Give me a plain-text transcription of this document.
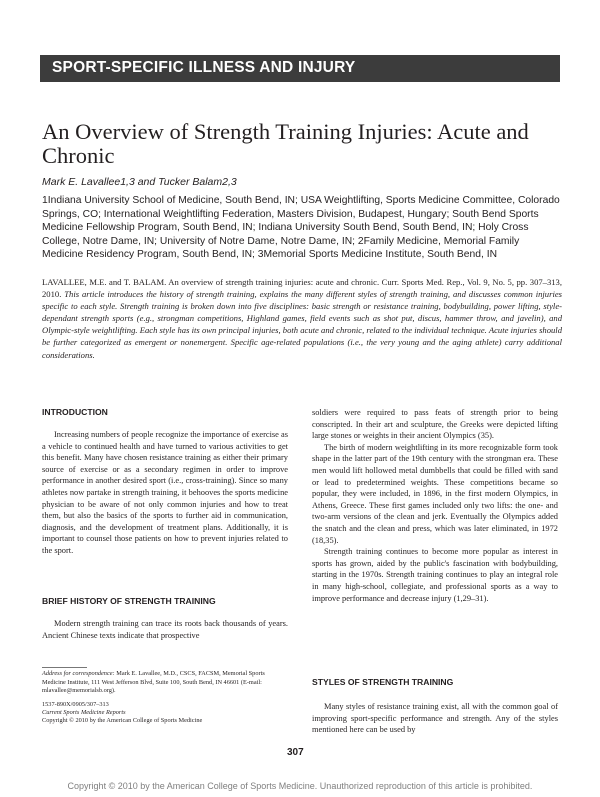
SPORT-SPECIFIC ILLNESS AND INJURY
An Overview of Strength Training Injuries: Acute and Chronic
Mark E. Lavallee1,3 and Tucker Balam2,3
1Indiana University School of Medicine, South Bend, IN; USA Weightlifting, Sports Medicine Committee, Colorado Springs, CO; International Weightlifting Federation, Masters Division, Budapest, Hungary; South Bend Sports Medicine Fellowship Program, South Bend, IN; Indiana University South Bend, South Bend, IN; Holy Cross College, Notre Dame, IN; University of Notre Dame, Notre Dame, IN; 2Family Medicine, Memorial Family Medicine Residency Program, South Bend, IN; 3Memorial Sports Medicine Institute, South Bend, IN
LAVALLEE, M.E. and T. BALAM. An overview of strength training injuries: acute and chronic. Curr. Sports Med. Rep., Vol. 9, No. 5, pp. 307–313, 2010. This article introduces the history of strength training, explains the many different styles of strength training, and discusses common injuries specific to each style. Strength training is broken down into five disciplines: basic strength or resistance training, bodybuilding, power lifting, style-dependant strength sports (e.g., strongman competitions, Highland games, field events such as shot put, discus, hammer throw, and javelin), and Olympic-style weightlifting. Each style has its own principal injuries, both acute and chronic, related to the individual technique. Acute injuries should be further categorized as emergent or nonemergent. Specific age-related populations (i.e., the very young and the aging athlete) carry additional considerations.
INTRODUCTION

Increasing numbers of people recognize the importance of exercise as a vehicle to continued health and have turned to various activities to get this benefit. Many have chosen resistance training as either their primary source of exercise or as a secondary regimen in order to improve performance in another desired sport (i.e., cross-training). Since so many athletes now partake in strength training, it behooves the sports medicine physician to be aware of not only common injuries and how to treat them, but also the basics of the sports to further aid in communication, diagnosis, and the development of treatment plans. Additionally, it is important to counsel those patients on how to prevent injuries related to the sport.

BRIEF HISTORY OF STRENGTH TRAINING

Modern strength training can trace its roots back thousands of years. Ancient Chinese texts indicate that prospective

soldiers were required to pass feats of strength prior to being conscripted. In their art and sculpture, the Greeks were depicted lifting large stones or weights in their ancient Olympics (35).

The birth of modern weightlifting in its more recognizable form took shape in the latter part of the 19th century with the strongman era. These men would lift hollowed metal dumbbells that could be filled with sand or lead to predetermined weights. These competitions became so popular, they were included, in 1896, in the first modern Olympics, in Athens, Greece. These first games included only two lifts: the one- and two-arm versions of the clean and jerk. Eventually the Olympics added the snatch and the clean and press, which was later eliminated, in 1972 (18,35).

Strength training continues to become more popular as interest in sports has grown, aided by the public's fascination with bodybuilding, starting in the 1970s. Strength training continues to play an integral role in many high-school, collegiate, and professional sports as a way to improve performance and decrease injury (1,29–31).

STYLES OF STRENGTH TRAINING

Many styles of resistance training exist, all with the common goal of improving sport-specific performance and strength. Any of the styles mentioned here can be used by

Address for correspondence: Mark E. Lavallee, M.D., CSCS, FACSM, Memorial Sports Medicine Institute, 111 West Jefferson Blvd, Suite 100, South Bend, IN 46601 (E-mail: mlavallee@memorialsb.org).
1537-890X/0905/307–313
Current Sports Medicine Reports
Copyright © 2010 by the American College of Sports Medicine
307
Copyright © 2010 by the American College of Sports Medicine. Unauthorized reproduction of this article is prohibited.
